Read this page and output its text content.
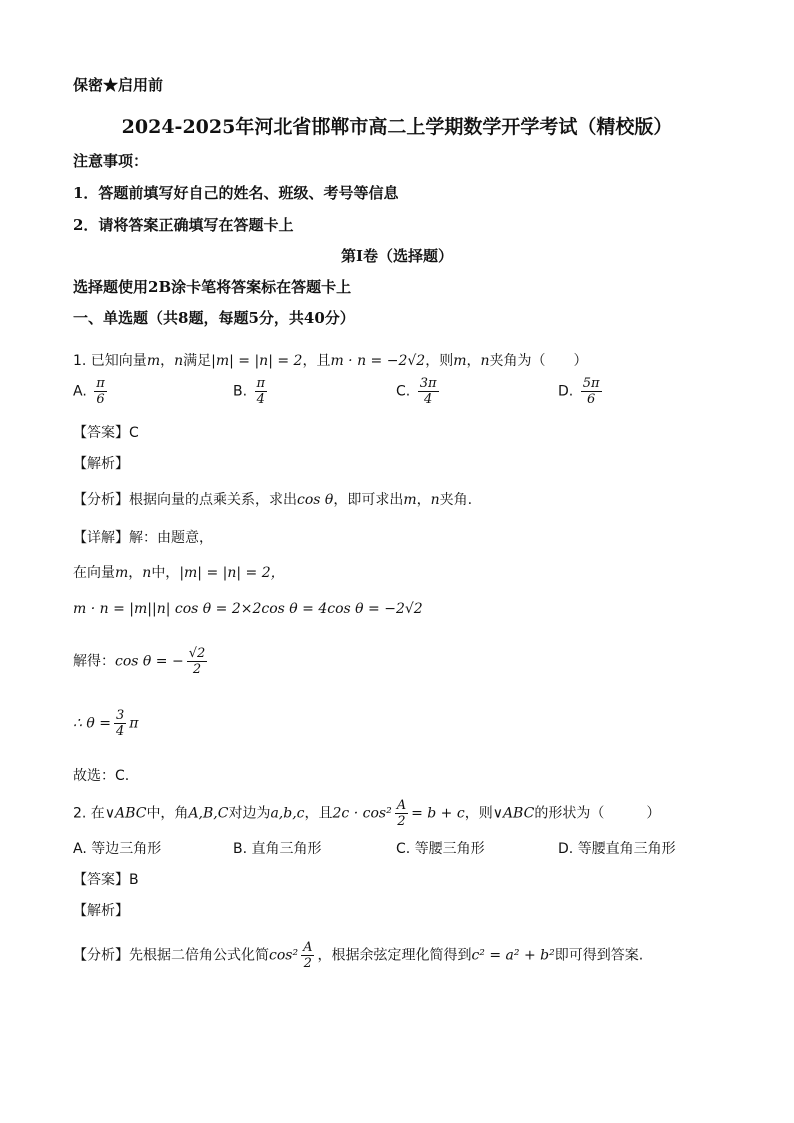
保密★启用前
2024-2025年河北省邯郸市高二上学期数学开学考试（精校版）
注意事项：
1．答题前填写好自己的姓名、班级、考号等信息
2．请将答案正确填写在答题卡上
第I卷（选择题）
选择题使用2B涂卡笔将答案标在答题卡上
一、单选题（共8题，每题5分，共40分）
1. 已知向量m，n满足|m| = |n| = 2，且m · n = −2√2，则m，n夹角为（　　）
A. $\frac{\pi}{6}$	B. $\frac{\pi}{4}$	C. $\frac{3\pi}{4}$	D. $\frac{5\pi}{6}$
【答案】C
【解析】
【分析】根据向量的点乘关系，求出cos θ，即可求出m，n夹角.
【详解】解：由题意，
在向量m，n中，|m| = |n| = 2，
m · n = |m||n| cos θ = 2×2cos θ = 4cos θ = −2√2
解得：cos θ = − $\frac{√2}{2}$
∴ $\theta = \frac{3}{4}$ π
故选：C.
2. 在∨ABC中，角A,B,C对边为a,b,c，且$2c \cdot \cos^2 \frac{A}{2} = b + c$，则∨ABC的形状为（　　　）
A. 等边三角形	B. 直角三角形	C. 等腰三角形	D. 等腰直角三角形
【答案】B
【解析】
【分析】先根据二倍角公式化简$\cos^2 \frac{A}{2}$ ，根据余弦定理化简得到c² = a² + b²即可得到答案.
